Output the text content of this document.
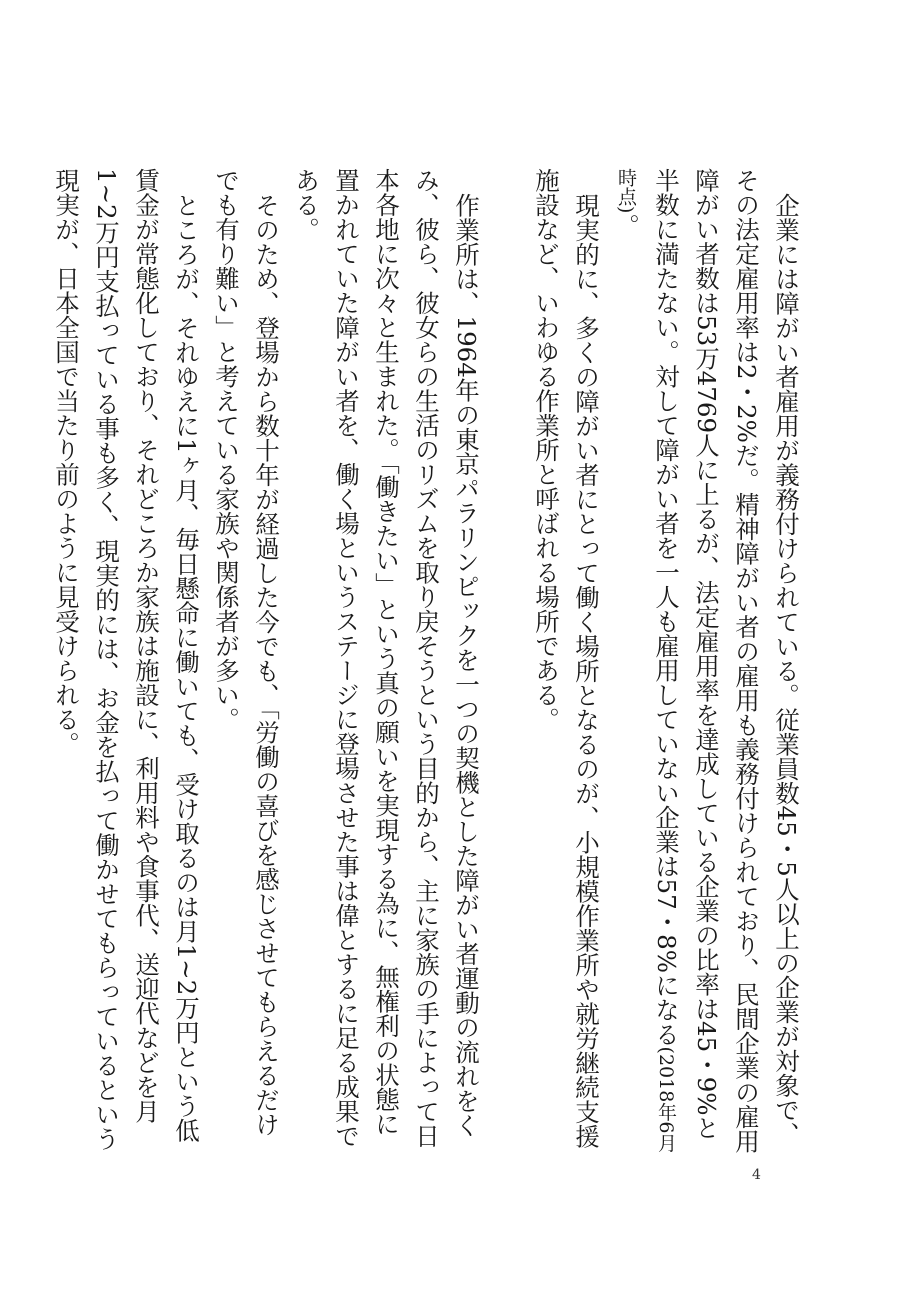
企業には障がい者雇用が義務付けられている。従業員数45・5人以上の企業が対象で、その法定雇用率は2・2%だ。精神障がい者の雇用も義務付けられており、民間企業の雇用障がい者数は53万4769人に上るが、法定雇用率を達成している企業の比率は45・9%と半数に満たない。対して障がい者を一人も雇用していない企業は57・8%になる(2018年6月時点)。

現実的に、多くの障がい者にとって働く場所となるのが、小規模作業所や就労継続支援施設など、いわゆる作業所と呼ばれる場所である。

作業所は、1964年の東京パラリンピックを一つの契機とした障がい者運動の流れをくみ、彼ら、彼女らの生活のリズムを取り戻そうという目的から、主に家族の手によって日本各地に次々と生まれた。「働きたい」という真の願いを実現する為に、無権利の状態に置かれていた障がい者を、働く場というステージに登場させた事は偉とするに足る成果である。

そのため、登場から数十年が経過した今でも、「労働の喜びを感じさせてもらえるだけでも有り難い」と考えている家族や関係者が多い。

ところが、それゆえに1ヶ月、毎日懸命に働いても、受け取るのは月1~2万円という低賃金が常態化しており、それどころか家族は施設に、利用料や食事代、送迎代などを月1~2万円支払っている事も多く、現実的には、お金を払って働かせてもらっているという現実が、日本全国で当たり前のように見受けられる。

4
